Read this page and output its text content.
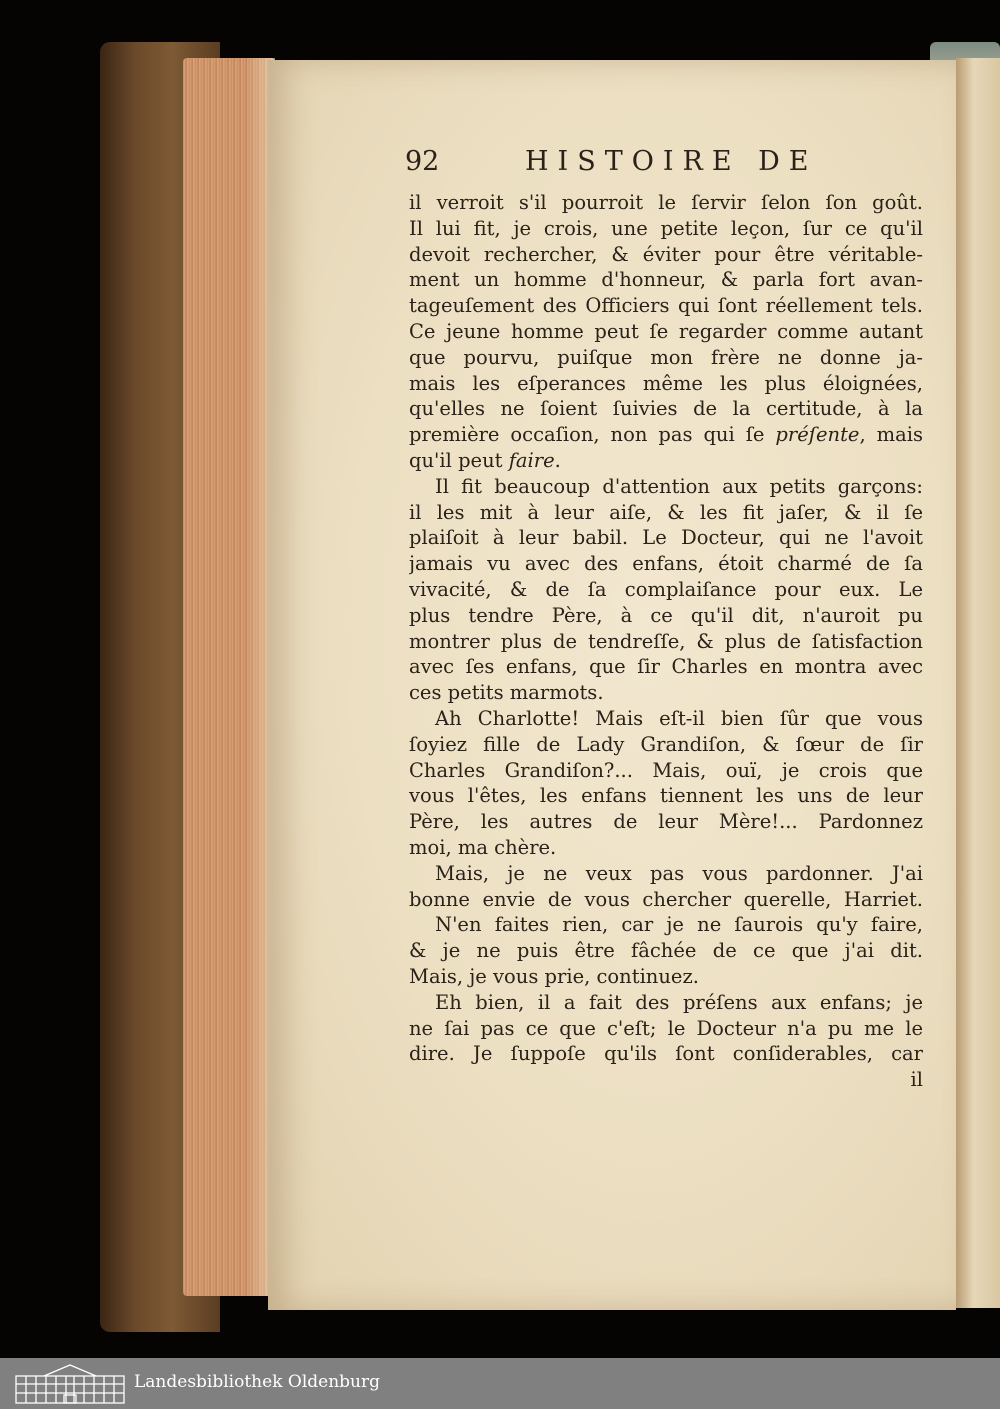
92	HISTOIRE DE
il verroit s'il pourroit le ſervir ſelon ſon goût.
Il lui fit, je crois, une petite leçon, ſur ce qu'il
devoit rechercher, & éviter pour être véritable-
ment un homme d'honneur, & parla fort avan-
tageuſement des Officiers qui ſont réellement tels.
Ce jeune homme peut ſe regarder comme autant
que pourvu, puiſque mon frère ne donne ja-
mais les eſperances même les plus éloignées,
qu'elles ne ſoient ſuivies de la certitude, à la
première occaſion, non pas qui ſe préſente, mais
qu'il peut faire.
Il fit beaucoup d'attention aux petits garçons:
il les mit à leur aiſe, & les fit jaſer, & il ſe
plaiſoit à leur babil. Le Docteur, qui ne l'avoit
jamais vu avec des enfans, étoit charmé de ſa
vivacité, & de ſa complaiſance pour eux. Le
plus tendre Père, à ce qu'il dit, n'auroit pu
montrer plus de tendreſſe, & plus de ſatisfaction
avec ſes enfans, que ſir Charles en montra avec
ces petits marmots.
Ah Charlotte! Mais eſt-il bien ſûr que vous
ſoyiez fille de Lady Grandiſon, & ſœur de ſir
Charles Grandiſon?... Mais, ouï, je crois que
vous l'êtes, les enfans tiennent les uns de leur
Père, les autres de leur Mère!... Pardonnez
moi, ma chère.
Mais, je ne veux pas vous pardonner. J'ai
bonne envie de vous chercher querelle, Harriet.
N'en faites rien, car je ne ſaurois qu'y faire,
& je ne puis être fâchée de ce que j'ai dit.
Mais, je vous prie, continuez.
Eh bien, il a fait des préſens aux enfans; je
ne ſai pas ce que c'eſt; le Docteur n'a pu me le
dire. Je ſuppoſe qu'ils ſont conſiderables, car
il
Landesbibliothek Oldenburg
